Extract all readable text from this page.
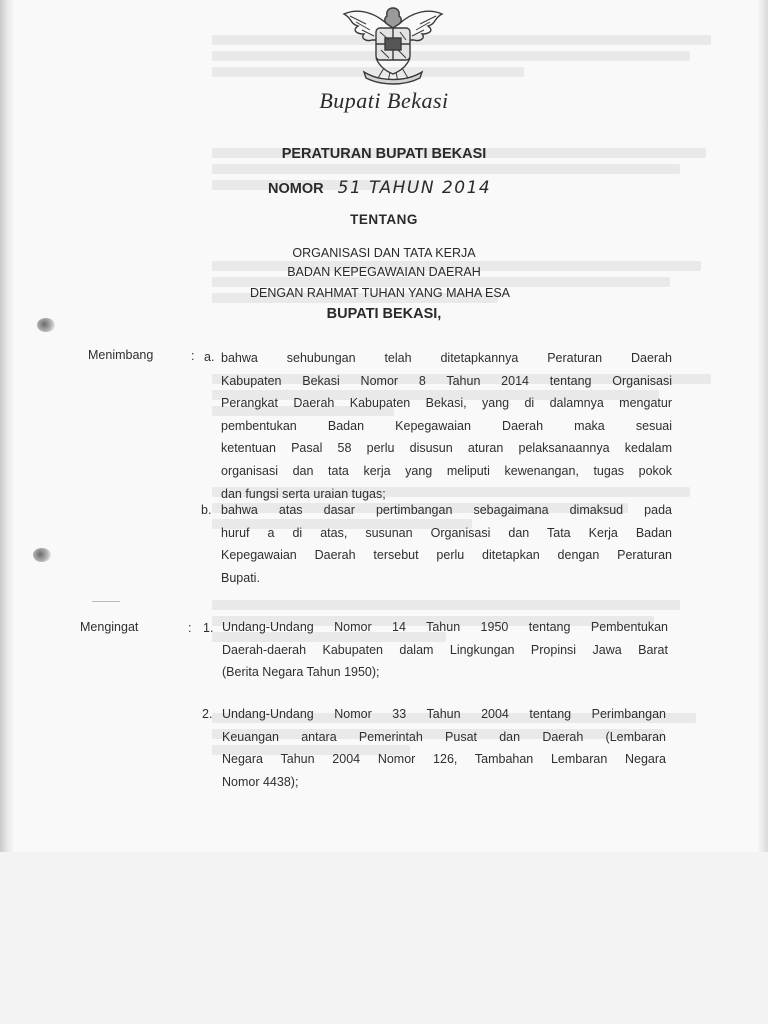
Bupati Bekasi
PERATURAN BUPATI BEKASI
NOMOR 51 TAHUN 2014
TENTANG
ORGANISASI DAN TATA KERJA
BADAN KEPEGAWAIAN DAERAH
DENGAN RAHMAT TUHAN YANG MAHA ESA
BUPATI BEKASI,
Menimbang	: a. bahwa sehubungan telah ditetapkannya Peraturan Daerah
Kabupaten Bekasi Nomor 8 Tahun 2014 tentang Organisasi
Perangkat Daerah Kabupaten Bekasi, yang di dalamnya mengatur
pembentukan Badan Kepegawaian Daerah maka sesuai
ketentuan Pasal 58 perlu disusun aturan pelaksanaannya kedalam
organisasi dan tata kerja yang meliputi kewenangan, tugas pokok
dan fungsi serta uraian tugas;
b. bahwa atas dasar pertimbangan sebagaimana dimaksud pada
huruf a di atas, susunan Organisasi dan Tata Kerja Badan
Kepegawaian Daerah tersebut perlu ditetapkan dengan Peraturan
Bupati.
Mengingat	: 1. Undang-Undang Nomor 14 Tahun 1950 tentang Pembentukan
Daerah-daerah Kabupaten dalam Lingkungan Propinsi Jawa Barat
(Berita Negara Tahun 1950);
2. Undang-Undang Nomor 33 Tahun 2004 tentang Perimbangan
Keuangan antara Pemerintah Pusat dan Daerah (Lembaran
Negara Tahun 2004 Nomor 126, Tambahan Lembaran Negara
Nomor 4438);
